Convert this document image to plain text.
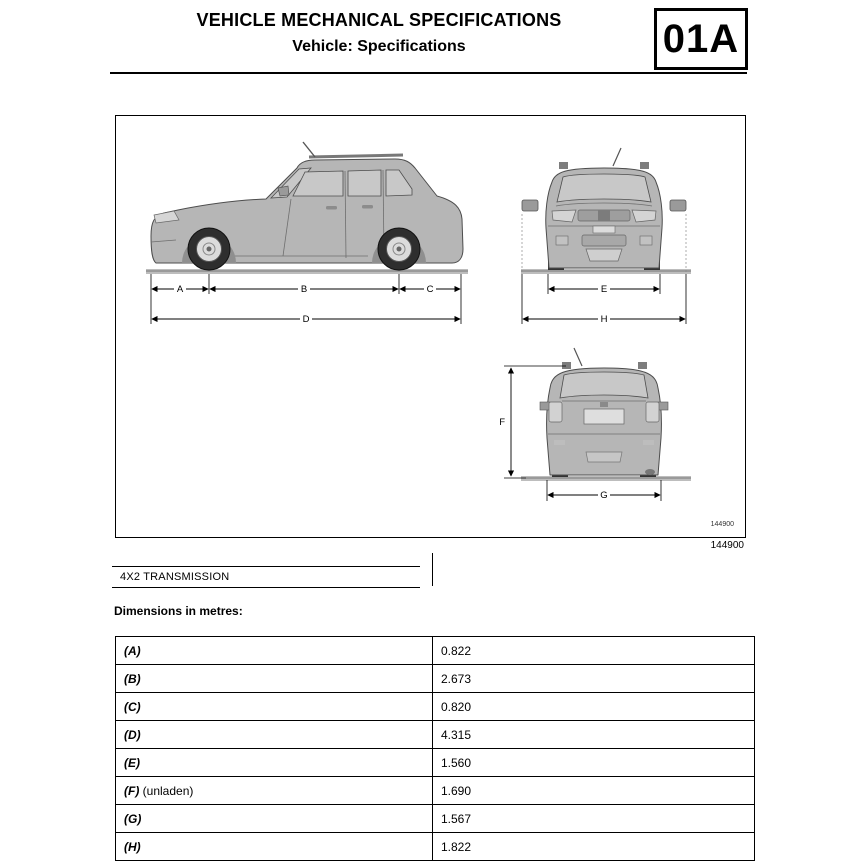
VEHICLE MECHANICAL SPECIFICATIONS
Vehicle: Specifications	01A
A	B	C
D
E
H
F
G
144900
144900
4X2 TRANSMISSION
Dimensions in metres:
(A)	0.822
(B)	2.673
(C)	0.820
(D)	4.315
(E)	1.560
(F) (unladen)	1.690
(G)	1.567
(H)	1.822
